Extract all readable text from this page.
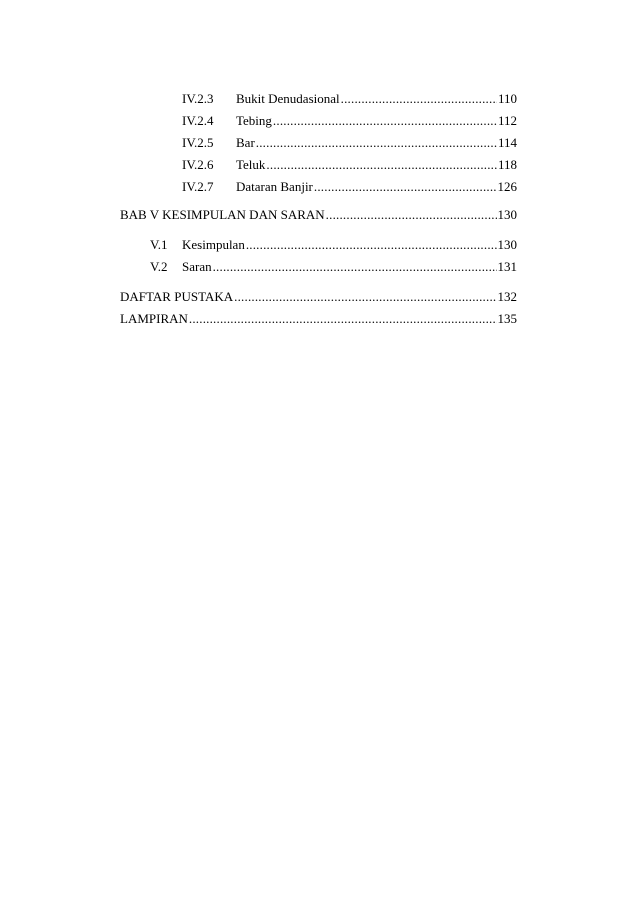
IV.2.3	Bukit Denudasional .....	110
IV.2.4	Tebing .....	112
IV.2.5	Bar .....	114
IV.2.6	Teluk .....	118
IV.2.7	Dataran Banjir .....	126
BAB V KESIMPULAN DAN SARAN .....	130
V.1	Kesimpulan .....	130
V.2	Saran .....	131
DAFTAR PUSTAKA .....	132
LAMPIRAN .....	135
